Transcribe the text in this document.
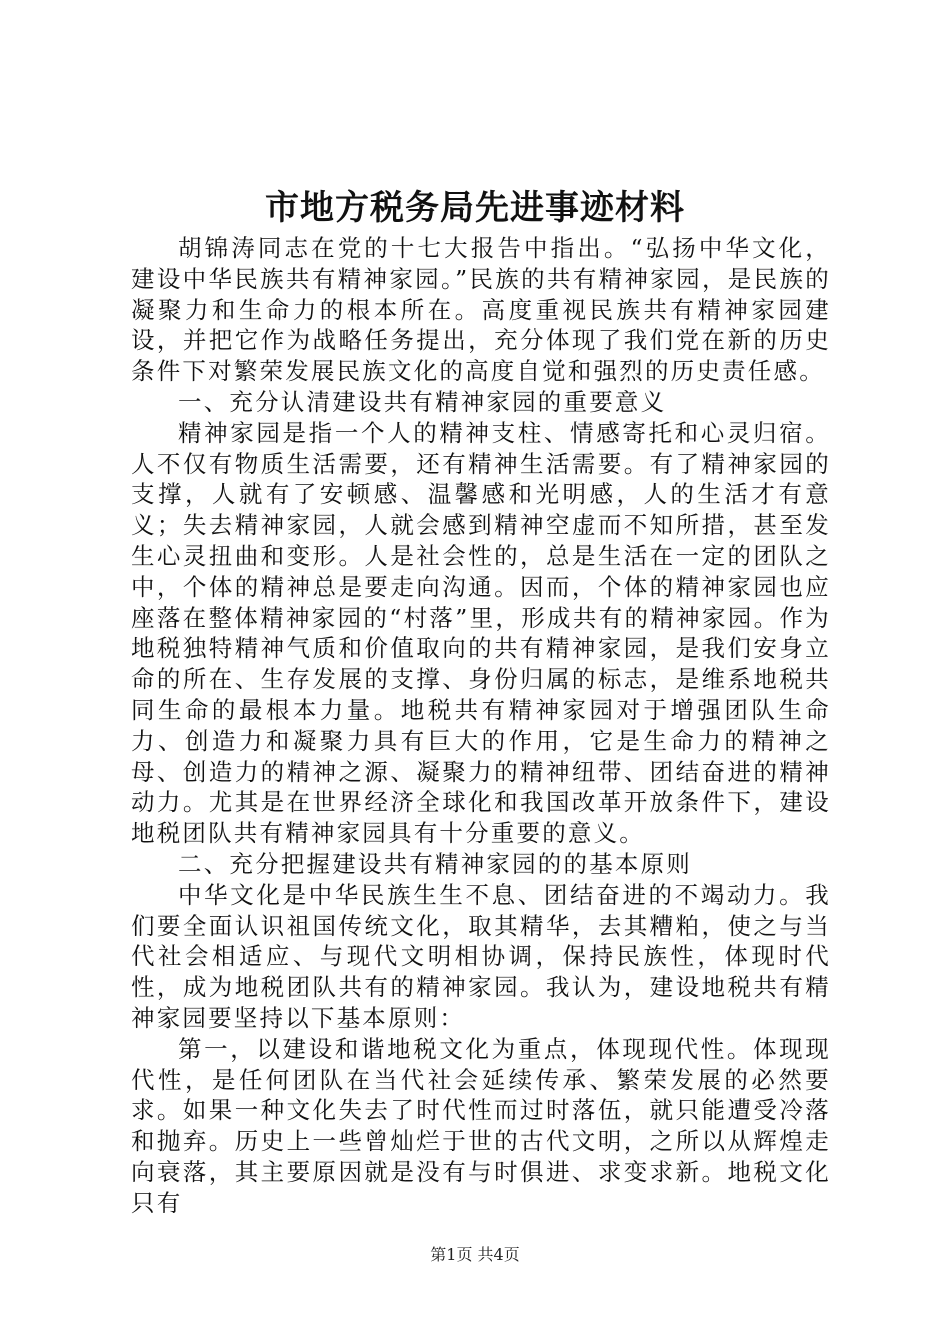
市地方税务局先进事迹材料

胡锦涛同志在党的十七大报告中指出。“弘扬中华文化，建设中华民族共有精神家园。”民族的共有精神家园，是民族的凝聚力和生命力的根本所在。高度重视民族共有精神家园建设，并把它作为战略任务提出，充分体现了我们党在新的历史条件下对繁荣发展民族文化的高度自觉和强烈的历史责任感。

一、充分认清建设共有精神家园的重要意义

精神家园是指一个人的精神支柱、情感寄托和心灵归宿。人不仅有物质生活需要，还有精神生活需要。有了精神家园的支撑，人就有了安顿感、温馨感和光明感，人的生活才有意义；失去精神家园，人就会感到精神空虚而不知所措，甚至发生心灵扭曲和变形。人是社会性的，总是生活在一定的团队之中，个体的精神总是要走向沟通。因而，个体的精神家园也应座落在整体精神家园的“村落”里，形成共有的精神家园。作为地税独特精神气质和价值取向的共有精神家园，是我们安身立命的所在、生存发展的支撑、身份归属的标志，是维系地税共同生命的最根本力量。地税共有精神家园对于增强团队生命力、创造力和凝聚力具有巨大的作用，它是生命力的精神之母、创造力的精神之源、凝聚力的精神纽带、团结奋进的精神动力。尤其是在世界经济全球化和我国改革开放条件下，建设地税团队共有精神家园具有十分重要的意义。

二、充分把握建设共有精神家园的的基本原则

中华文化是中华民族生生不息、团结奋进的不竭动力。我们要全面认识祖国传统文化，取其精华，去其糟粕，使之与当代社会相适应、与现代文明相协调，保持民族性，体现时代性，成为地税团队共有的精神家园。我认为，建设地税共有精神家园要坚持以下基本原则：

第一，以建设和谐地税文化为重点，体现现代性。体现现代性，是任何团队在当代社会延续传承、繁荣发展的必然要求。如果一种文化失去了时代性而过时落伍，就只能遭受冷落和抛弃。历史上一些曾灿烂于世的古代文明，之所以从辉煌走向衰落，其主要原因就是没有与时俱进、求变求新。地税文化只有

第1页 共4页
